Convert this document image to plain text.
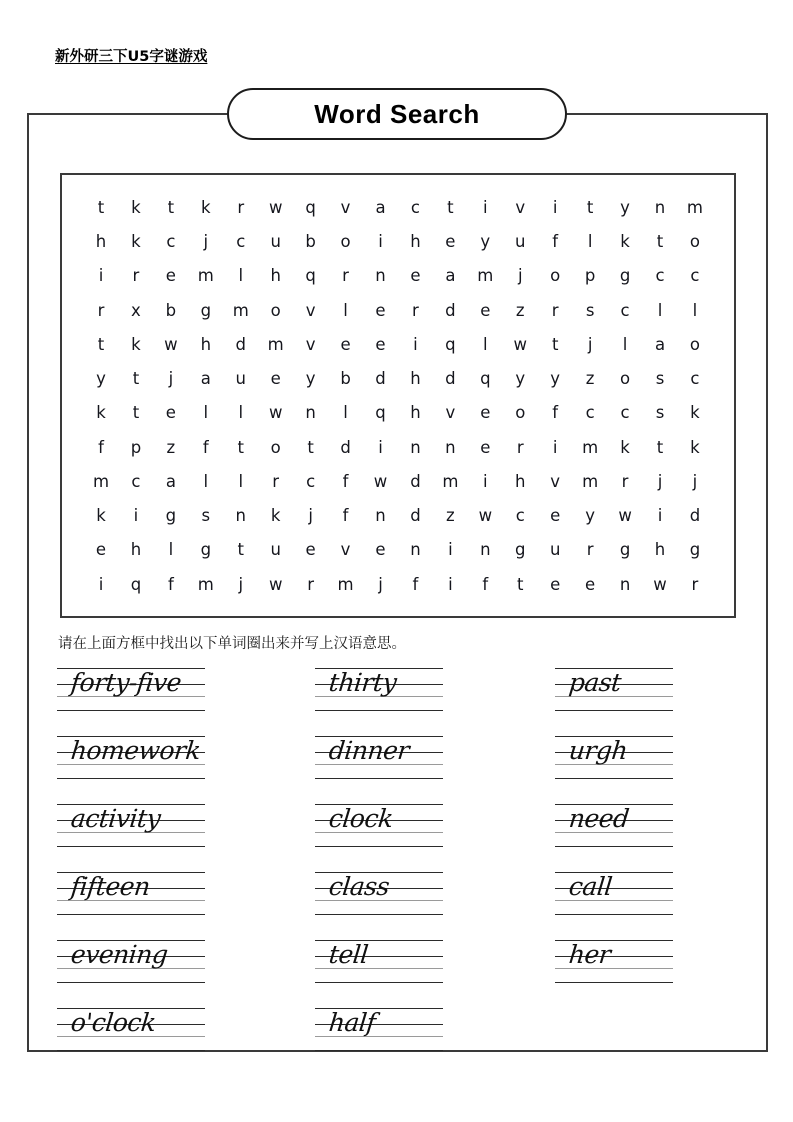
新外研三下U5字谜游戏
Word Search
t	k	t	k	r	w	q	v	a	c	t	i	v	i	t	y	n	m
h	k	c	j	c	u	b	o	i	h	e	y	u	f	l	k	t	o
i	r	e	m	l	h	q	r	n	e	a	m	j	o	p	g	c	c
r	x	b	g	m	o	v	l	e	r	d	e	z	r	s	c	l	l
t	k	w	h	d	m	v	e	e	i	q	l	w	t	j	l	a	o
y	t	j	a	u	e	y	b	d	h	d	q	y	y	z	o	s	c
k	t	e	l	l	w	n	l	q	h	v	e	o	f	c	c	s	k
f	p	z	f	t	o	t	d	i	n	n	e	r	i	m	k	t	k
m	c	a	l	l	r	c	f	w	d	m	i	h	v	m	r	j	j
k	i	g	s	n	k	j	f	n	d	z	w	c	e	y	w	i	d
e	h	l	g	t	u	e	v	e	n	i	n	g	u	r	g	h	g
i	q	f	m	j	w	r	m	j	f	i	f	t	e	e	n	w	r
请在上面方框中找出以下单词圈出来并写上汉语意思。
forty-five
homework
activity
fifteen
evening
o'clock
thirty
dinner
clock
class
tell
half
past
urgh
need
call
her
